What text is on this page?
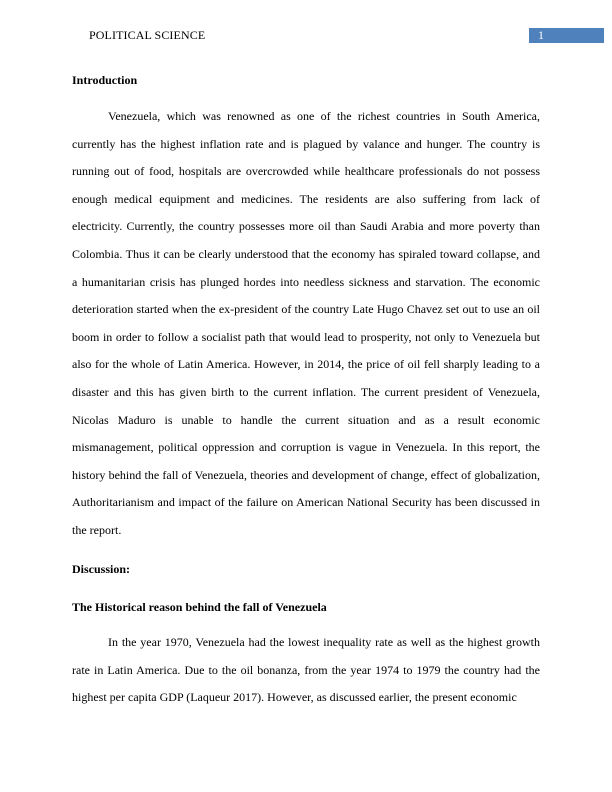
POLITICAL SCIENCE	1
Introduction

Venezuela, which was renowned as one of the richest countries in South America, currently has the highest inflation rate and is plagued by valance and hunger. The country is running out of food, hospitals are overcrowded while healthcare professionals do not possess enough medical equipment and medicines. The residents are also suffering from lack of electricity. Currently, the country possesses more oil than Saudi Arabia and more poverty than Colombia. Thus it can be clearly understood that the economy has spiraled toward collapse, and a humanitarian crisis has plunged hordes into needless sickness and starvation. The economic deterioration started when the ex-president of the country Late Hugo Chavez set out to use an oil boom in order to follow a socialist path that would lead to prosperity, not only to Venezuela but also for the whole of Latin America. However, in 2014, the price of oil fell sharply leading to a disaster and this has given birth to the current inflation. The current president of Venezuela, Nicolas Maduro is unable to handle the current situation and as a result economic mismanagement, political oppression and corruption is vague in Venezuela. In this report, the history behind the fall of Venezuela, theories and development of change, effect of globalization, Authoritarianism and impact of the failure on American National Security has been discussed in the report.

Discussion:
The Historical reason behind the fall of Venezuela

In the year 1970, Venezuela had the lowest inequality rate as well as the highest growth rate in Latin America. Due to the oil bonanza, from the year 1974 to 1979 the country had the highest per capita GDP (Laqueur 2017). However, as discussed earlier, the present economic
